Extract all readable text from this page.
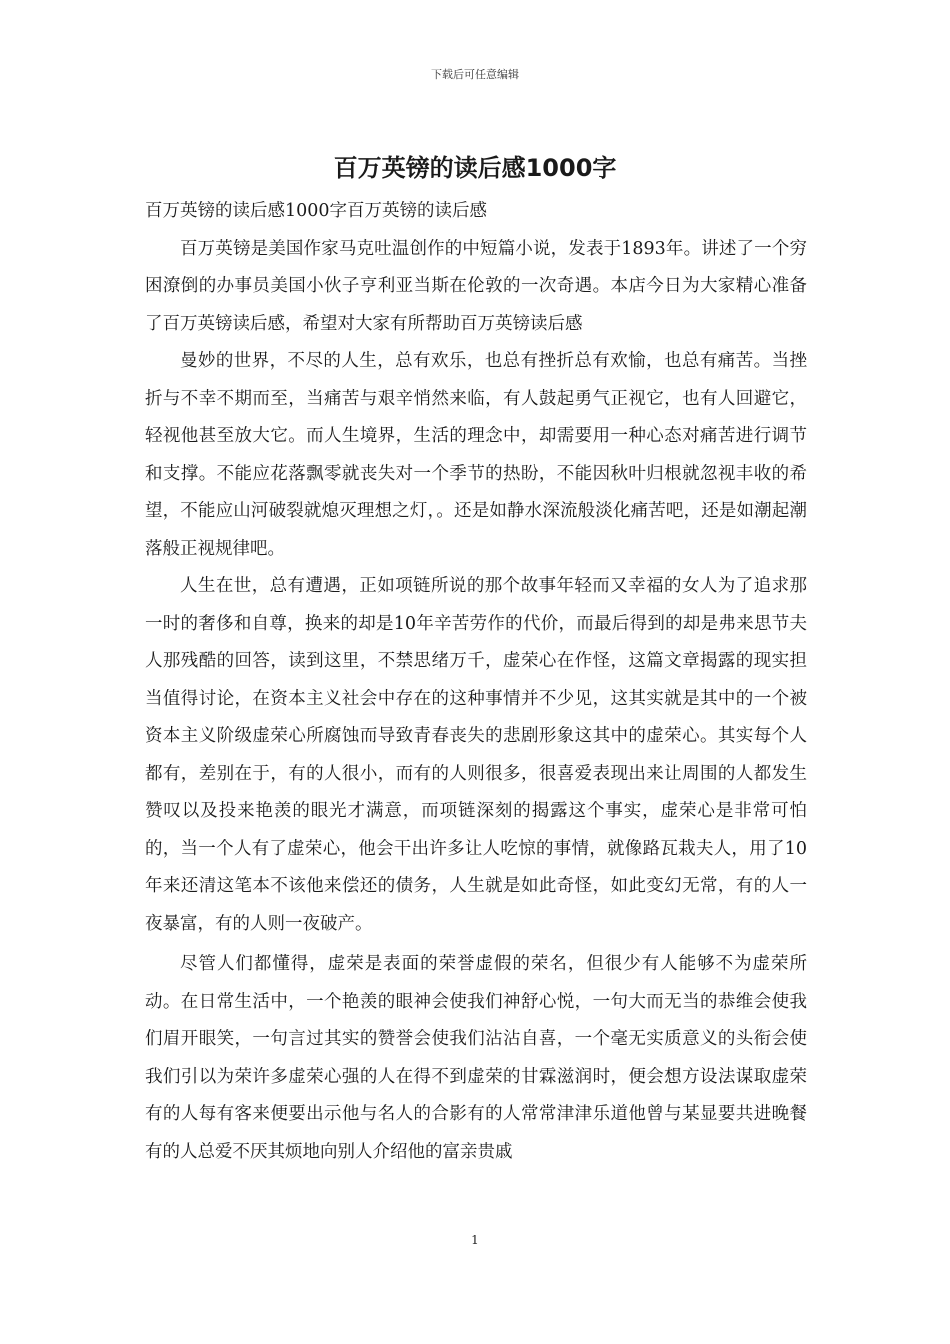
下载后可任意编辑
百万英镑的读后感1000字

百万英镑的读后感1000字百万英镑的读后感

百万英镑是美国作家马克吐温创作的中短篇小说，发表于1893年。讲述了一个穷困潦倒的办事员美国小伙子亨利亚当斯在伦敦的一次奇遇。本店今日为大家精心准备了百万英镑读后感，希望对大家有所帮助百万英镑读后感

曼妙的世界，不尽的人生，总有欢乐，也总有挫折总有欢愉，也总有痛苦。当挫折与不幸不期而至，当痛苦与艰辛悄然来临，有人鼓起勇气正视它，也有人回避它，轻视他甚至放大它。而人生境界，生活的理念中，却需要用一种心态对痛苦进行调节和支撑。不能应花落飘零就丧失对一个季节的热盼，不能因秋叶归根就忽视丰收的希望，不能应山河破裂就熄灭理想之灯，。还是如静水深流般淡化痛苦吧，还是如潮起潮落般正视规律吧。

人生在世，总有遭遇，正如项链所说的那个故事年轻而又幸福的女人为了追求那一时的奢侈和自尊，换来的却是10年辛苦劳作的代价，而最后得到的却是弗来思节夫人那残酷的回答，读到这里，不禁思绪万千，虚荣心在作怪，这篇文章揭露的现实担当值得讨论，在资本主义社会中存在的这种事情并不少见，这其实就是其中的一个被资本主义阶级虚荣心所腐蚀而导致青春丧失的悲剧形象这其中的虚荣心。其实每个人都有，差别在于，有的人很小，而有的人则很多，很喜爱表现出来让周围的人都发生赞叹以及投来艳羡的眼光才满意，而项链深刻的揭露这个事实，虚荣心是非常可怕的，当一个人有了虚荣心，他会干出许多让人吃惊的事情，就像路瓦栽夫人，用了10年来还清这笔本不该他来偿还的债务，人生就是如此奇怪，如此变幻无常，有的人一夜暴富，有的人则一夜破产。

尽管人们都懂得，虚荣是表面的荣誉虚假的荣名，但很少有人能够不为虚荣所动。在日常生活中，一个艳羡的眼神会使我们神舒心悦，一句大而无当的恭维会使我们眉开眼笑，一句言过其实的赞誉会使我们沾沾自喜，一个毫无实质意义的头衔会使我们引以为荣许多虚荣心强的人在得不到虚荣的甘霖滋润时，便会想方设法谋取虚荣有的人每有客来便要出示他与名人的合影有的人常常津津乐道他曾与某显要共进晚餐有的人总爱不厌其烦地向别人介绍他的富亲贵戚

1
